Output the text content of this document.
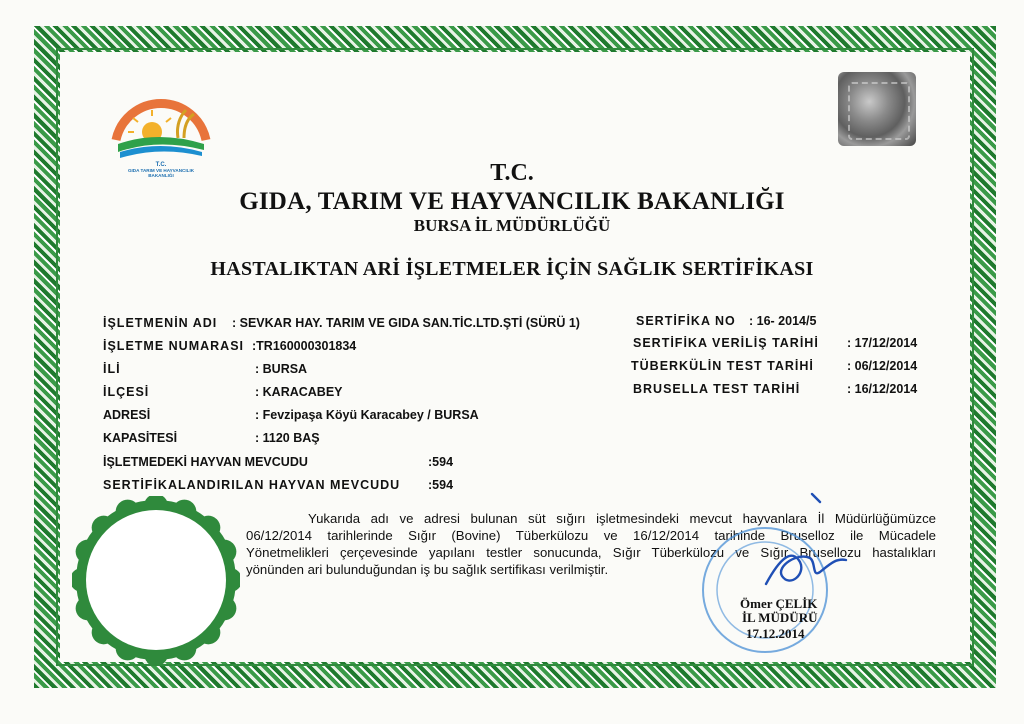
T.C.
GIDA TARIM VE HAYVANCILIK
BAKANLIĞI	T.C.
GIDA, TARIM VE HAYVANCILIK BAKANLIĞI
BURSA İL MÜDÜRLÜĞÜ
HASTALIKTAN ARİ İŞLETMELER İÇİN SAĞLIK SERTİFİKASI
İŞLETMENİN ADI : SEVKAR HAY. TARIM VE GIDA SAN.TİC.LTD.ŞTİ (SÜRÜ 1)
İŞLETME NUMARASI :TR160000301834
İLİ	: BURSA
İLÇESİ	: KARACABEY
ADRESİ	: Fevzipaşa Köyü Karacabey / BURSA
KAPASİTESİ	: 1120 BAŞ
İŞLETMEDEKİ HAYVAN MEVCUDU	:594
SERTİFİKALANDIRILAN HAYVAN MEVCUDU :594
SERTİFİKA NO : 16- 2014/5
SERTİFİKA VERİLİŞ TARİHİ : 17/12/2014
TÜBERKÜLİN TEST TARİHİ	: 06/12/2014
BRUSELLA TEST TARİHİ	: 16/12/2014
Yukarıda adı ve adresi bulunan süt sığırı işletmesindeki mevcut hayvanlara İl Müdürlüğümüzce
06/12/2014 tarihlerinde Sığır (Bovine) Tüberkülozu ve 16/12/2014 tarihinde Bruselloz ile Mücadele
Yönetmelikleri çerçevesinde yapılanı testler sonucunda, Sığır Tüberkülozu ve Sığır Brusellozu hastalıkları
yönünden ari bulunduğundan iş bu sağlık sertifikası verilmiştir.
Ömer ÇELİK
İL MÜDÜRÜ
17.12.2014
